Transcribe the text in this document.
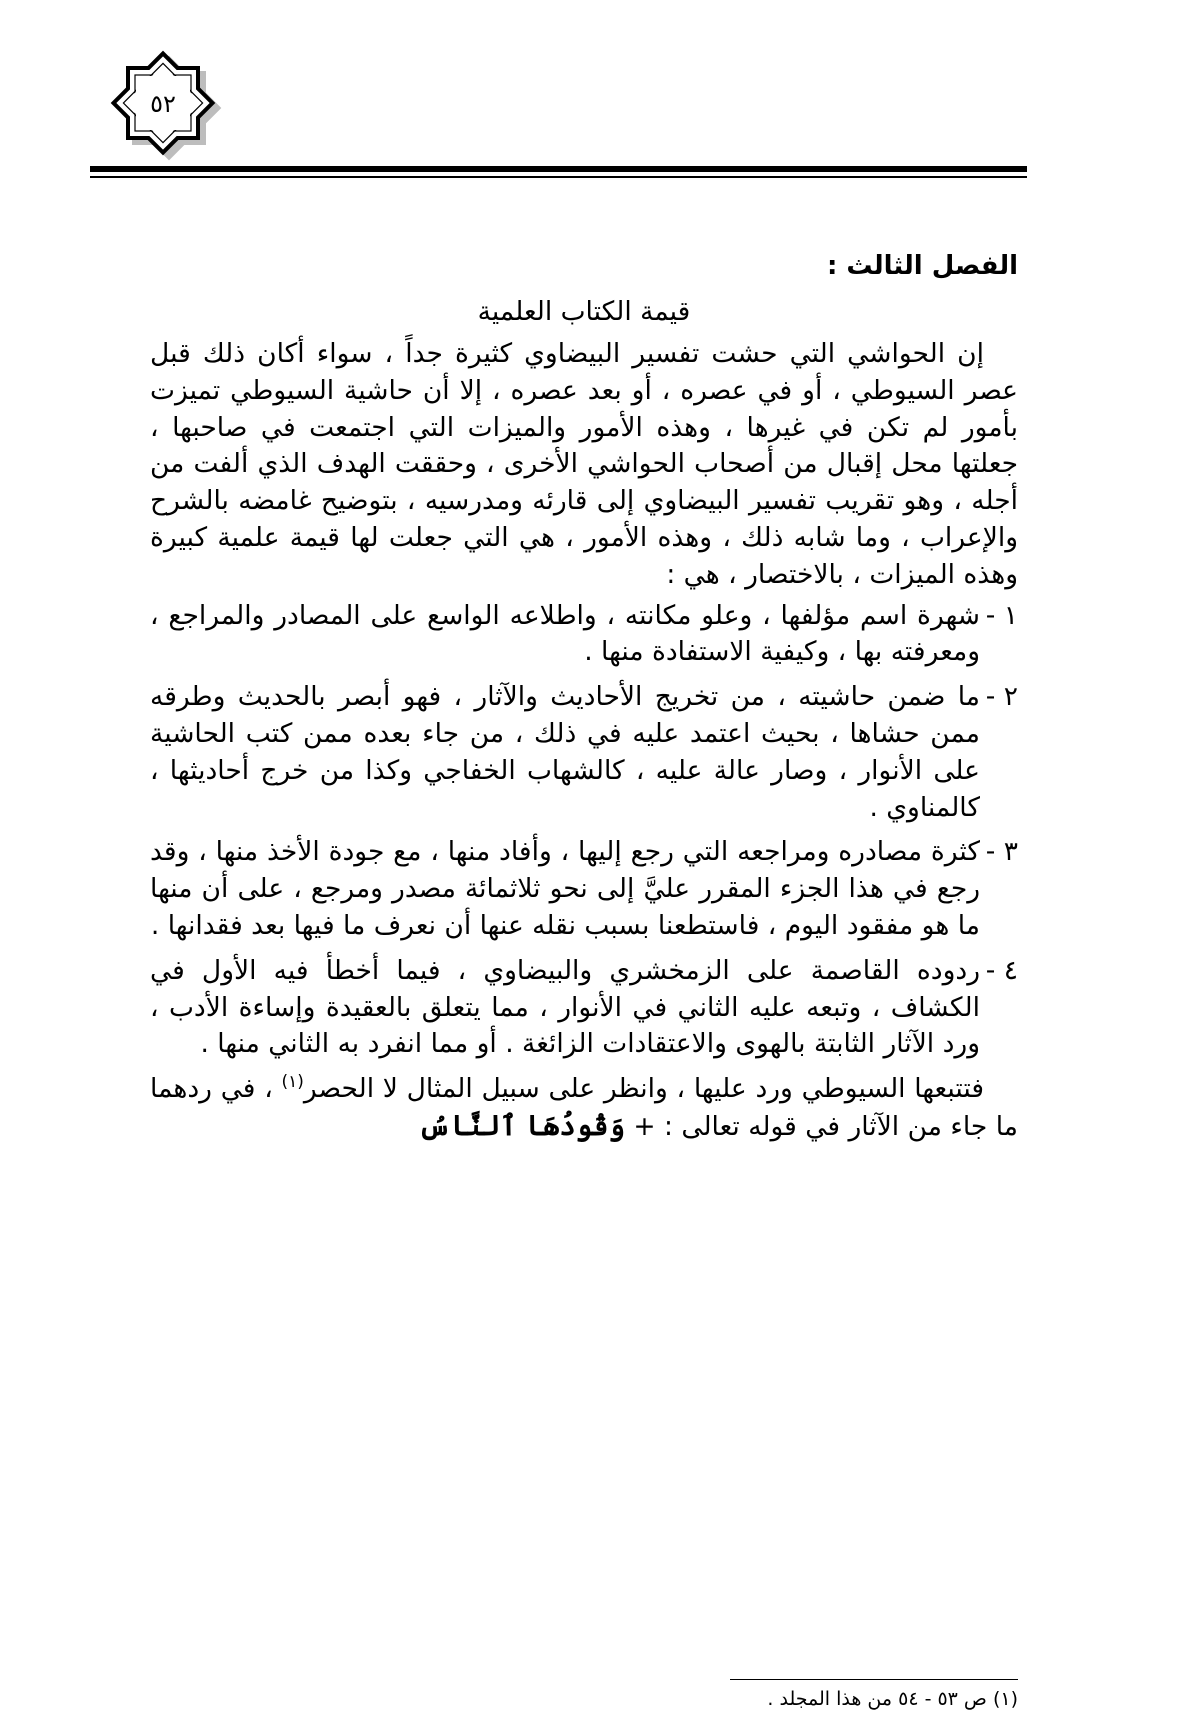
٥٢
الفصل الثالث :
قيمة الكتاب العلمية

إن الحواشي التي حشت تفسير البيضاوي كثيرة جداً ، سواء أكان ذلك قبل عصر السيوطي ، أو في عصره ، أو بعد عصره ، إلا أن حاشية السيوطي تميزت بأمور لم تكن في غيرها ، وهذه الأمور والميزات التي اجتمعت في صاحبها ، جعلتها محل إقبال من أصحاب الحواشي الأخرى ، وحققت الهدف الذي ألفت من أجله ، وهو تقريب تفسير البيضاوي إلى قارئه ومدرسيه ، بتوضيح غامضه بالشرح والإعراب ، وما شابه ذلك ، وهذه الأمور ، هي التي جعلت لها قيمة علمية كبيرة وهذه الميزات ، بالاختصار ، هي :

١ -
شهرة اسم مؤلفها ، وعلو مكانته ، واطلاعه الواسع على المصادر والمراجع ، ومعرفته بها ، وكيفية الاستفادة منها .
٢ -
ما ضمن حاشيته ، من تخريج الأحاديث والآثار ، فهو أبصر بالحديث وطرقه ممن حشاها ، بحيث اعتمد عليه في ذلك ، من جاء بعده ممن كتب الحاشية على الأنوار ، وصار عالة عليه ، كالشهاب الخفاجي وكذا من خرج أحاديثها ، كالمناوي .
٣ -
كثرة مصادره ومراجعه التي رجع إليها ، وأفاد منها ، مع جودة الأخذ منها ، وقد رجع في هذا الجزء المقرر عليَّ إلى نحو ثلاثمائة مصدر ومرجع ، على أن منها ما هو مفقود اليوم ، فاستطعنا بسبب نقله عنها أن نعرف ما فيها بعد فقدانها .
٤ -
ردوده القاصمة على الزمخشري والبيضاوي ، فيما أخطأ فيه الأول في الكشاف ، وتبعه عليه الثاني في الأنوار ، مما يتعلق بالعقيدة وإساءة الأدب ، ورد الآثار الثابتة بالهوى والاعتقادات الزائغة . أو مما انفرد به الثاني منها .

فتتبعها السيوطي ورد عليها ، وانظر على سبيل المثال لا الحصر$^{(١)}$ ، في ردهما ما جاء من الآثار في قوله تعالى : + وَقُودُهَا ٱلنَّاسُ

(١) ص ٥٣ - ٥٤ من هذا المجلد .
